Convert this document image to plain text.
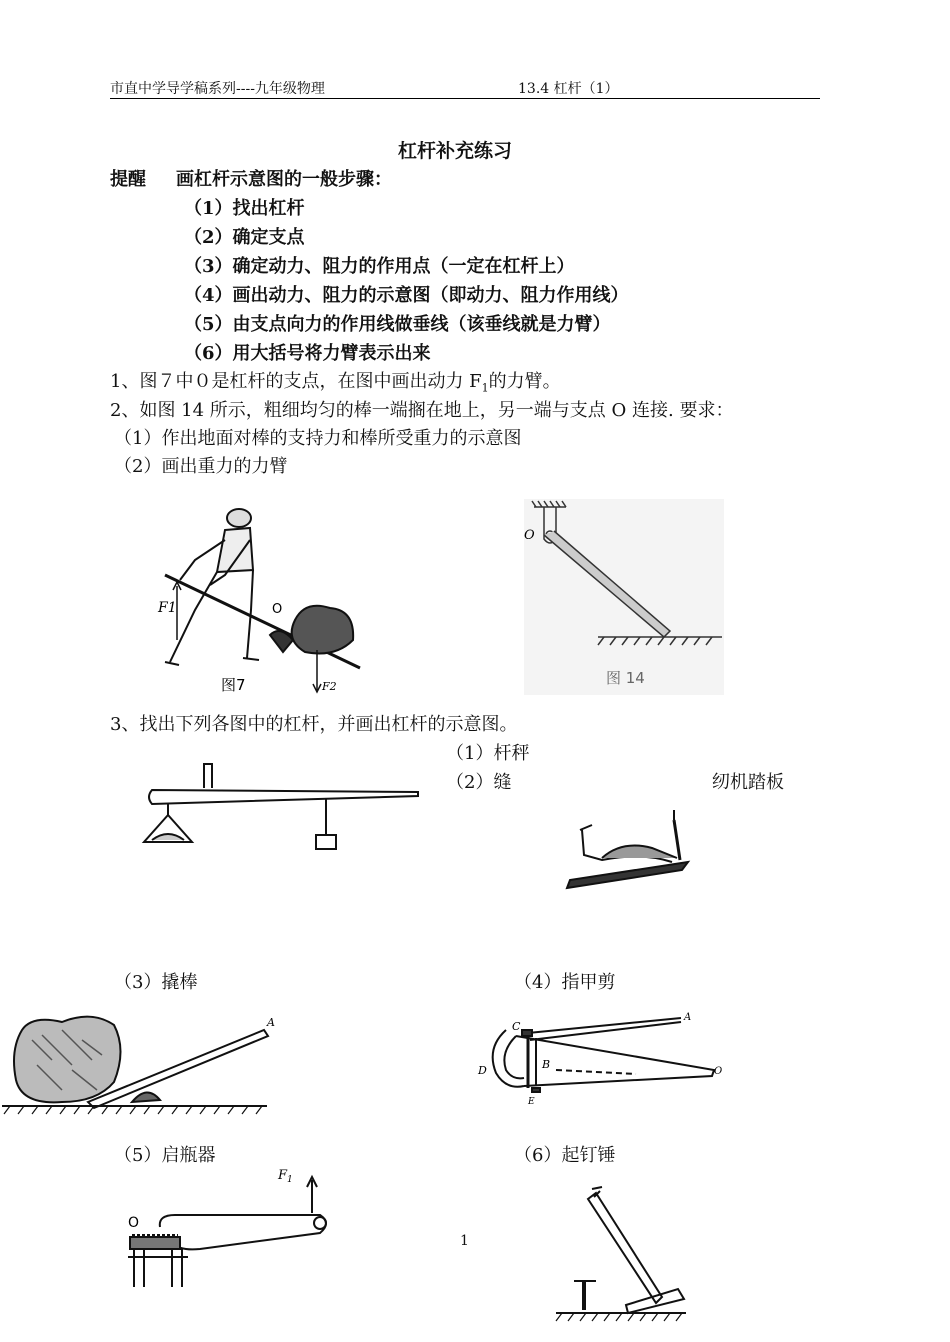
市直中学导学稿系列----九年级物理	13.4 杠杆（1）
杠杆补充练习
提醒 画杠杆示意图的一般步骤：
（1）找出杠杆
（2）确定支点
（3）确定动力、阻力的作用点（一定在杠杆上）
（4）画出动力、阻力的示意图（即动力、阻力作用线）
（5）由支点向力的作用线做垂线（该垂线就是力臂）
（6）用大括号将力臂表示出来
1、图７中０是杠杆的支点，在图中画出动力 $F_1$的力臂。
2、如图 14 所示，粗细均匀的棒一端搁在地上，另一端与支点 O 连接. 要求：
（1）作出地面对棒的支持力和棒所受重力的示意图
（2）画出重力的力臂
F1	O
F2
图7
O
图 14
3、找出下列各图中的杠杆，并画出杠杆的示意图。
（1）杆秤
（2）缝	纫机踏板
（3）撬棒	（4）指甲剪
A	A
C
B
D
E
O
（5）启瓶器	（6）起钉锤
O
$F_1$
1
